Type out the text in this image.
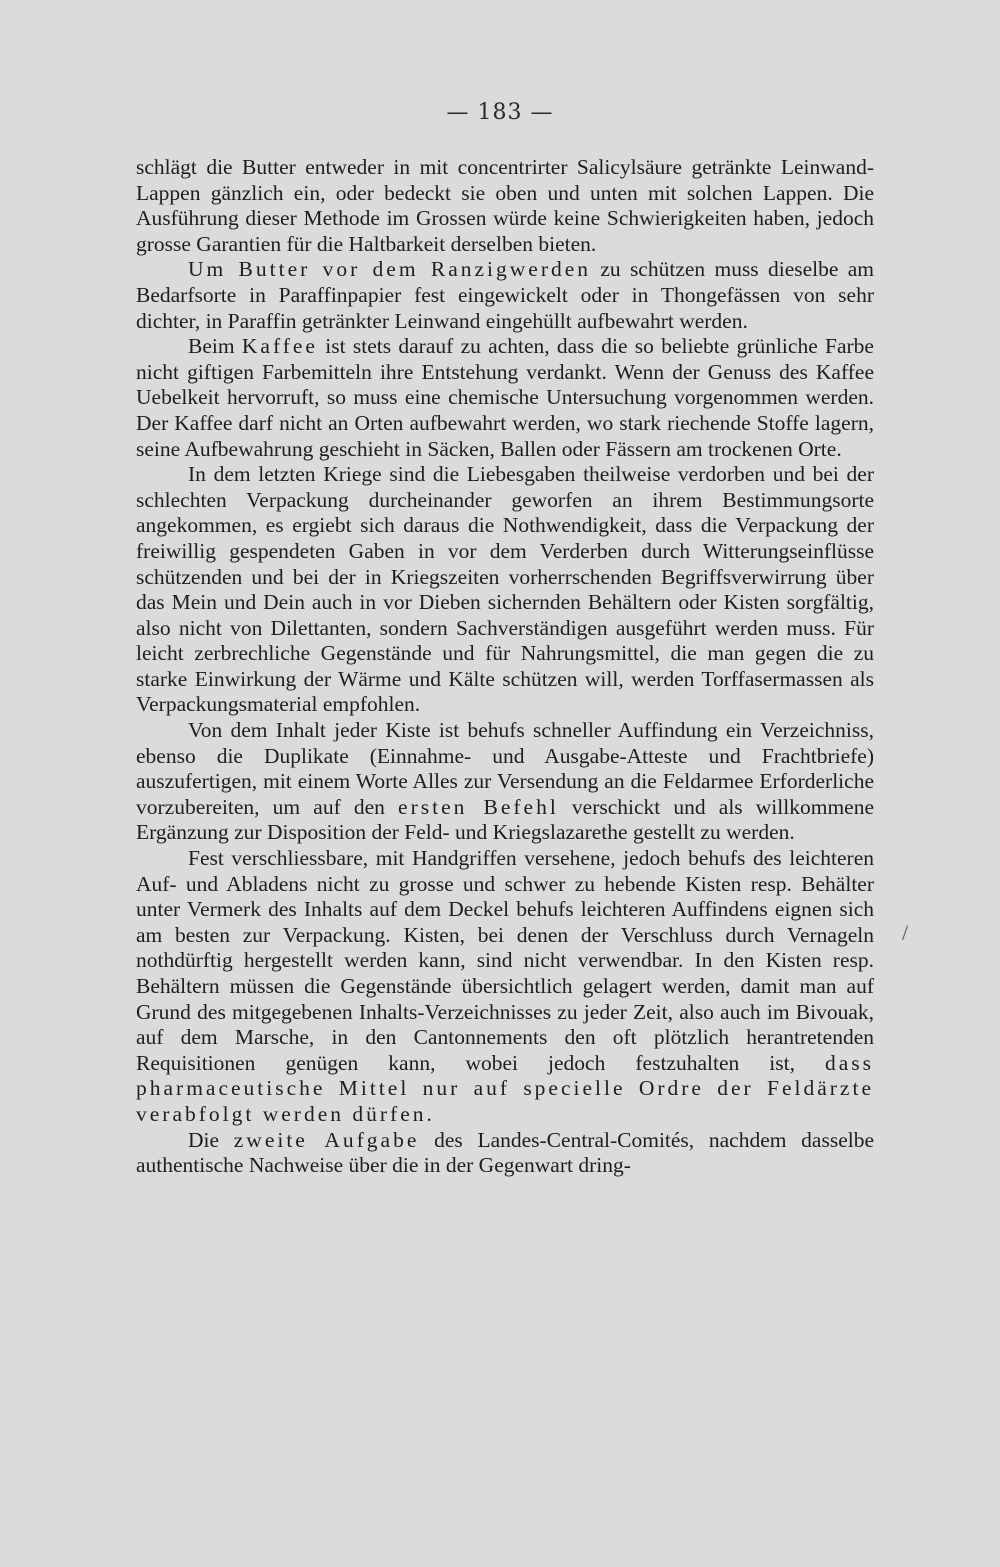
— 183 —

schlägt die Butter entweder in mit concentrirter Salicylsäure getränkte Leinwand-Lappen gänzlich ein, oder bedeckt sie oben und unten mit solchen Lappen. Die Ausführung dieser Methode im Grossen würde keine Schwierigkeiten haben, jedoch grosse Garantien für die Haltbarkeit derselben bieten.

Um Butter vor dem Ranzigwerden zu schützen muss dieselbe am Bedarfsorte in Paraffinpapier fest eingewickelt oder in Thongefässen von sehr dichter, in Paraffin getränkter Leinwand eingehüllt aufbewahrt werden.

Beim Kaffee ist stets darauf zu achten, dass die so beliebte grünliche Farbe nicht giftigen Farbemitteln ihre Entstehung verdankt. Wenn der Genuss des Kaffee Uebelkeit hervorruft, so muss eine chemische Untersuchung vorgenommen werden. Der Kaffee darf nicht an Orten aufbewahrt werden, wo stark riechende Stoffe lagern, seine Aufbewahrung geschieht in Säcken, Ballen oder Fässern am trockenen Orte.

In dem letzten Kriege sind die Liebesgaben theilweise verdorben und bei der schlechten Verpackung durcheinander geworfen an ihrem Bestimmungsorte angekommen, es ergiebt sich daraus die Nothwendigkeit, dass die Verpackung der freiwillig gespendeten Gaben in vor dem Verderben durch Witterungseinflüsse schützenden und bei der in Kriegszeiten vorherrschenden Begriffsverwirrung über das Mein und Dein auch in vor Dieben sichernden Behältern oder Kisten sorgfältig, also nicht von Dilettanten, sondern Sachverständigen ausgeführt werden muss. Für leicht zerbrechliche Gegenstände und für Nahrungsmittel, die man gegen die zu starke Einwirkung der Wärme und Kälte schützen will, werden Torffasermassen als Verpackungsmaterial empfohlen.

Von dem Inhalt jeder Kiste ist behufs schneller Auffindung ein Verzeichniss, ebenso die Duplikate (Einnahme- und Ausgabe-Atteste und Frachtbriefe) auszufertigen, mit einem Worte Alles zur Versendung an die Feldarmee Erforderliche vorzubereiten, um auf den ersten Befehl verschickt und als willkommene Ergänzung zur Disposition der Feld- und Kriegslazarethe gestellt zu werden.

Fest verschliessbare, mit Handgriffen versehene, jedoch behufs des leichteren Auf- und Abladens nicht zu grosse und schwer zu hebende Kisten resp. Behälter unter Vermerk des Inhalts auf dem Deckel behufs leichteren Auffindens eignen sich am besten zur Verpackung. Kisten, bei denen der Verschluss durch Vernageln nothdürftig hergestellt werden kann, sind nicht verwendbar. In den Kisten resp. Behältern müssen die Gegenstände übersichtlich gelagert werden, damit man auf Grund des mitgegebenen Inhalts-Verzeichnisses zu jeder Zeit, also auch im Bivouak, auf dem Marsche, in den Cantonnements den oft plötzlich herantretenden Requisitionen genügen kann, wobei jedoch festzuhalten ist, dass pharmaceutische Mittel nur auf specielle Ordre der Feldärzte verabfolgt werden dürfen.

Die zweite Aufgabe des Landes-Central-Comités, nachdem dasselbe authentische Nachweise über die in der Gegenwart dring-

/
